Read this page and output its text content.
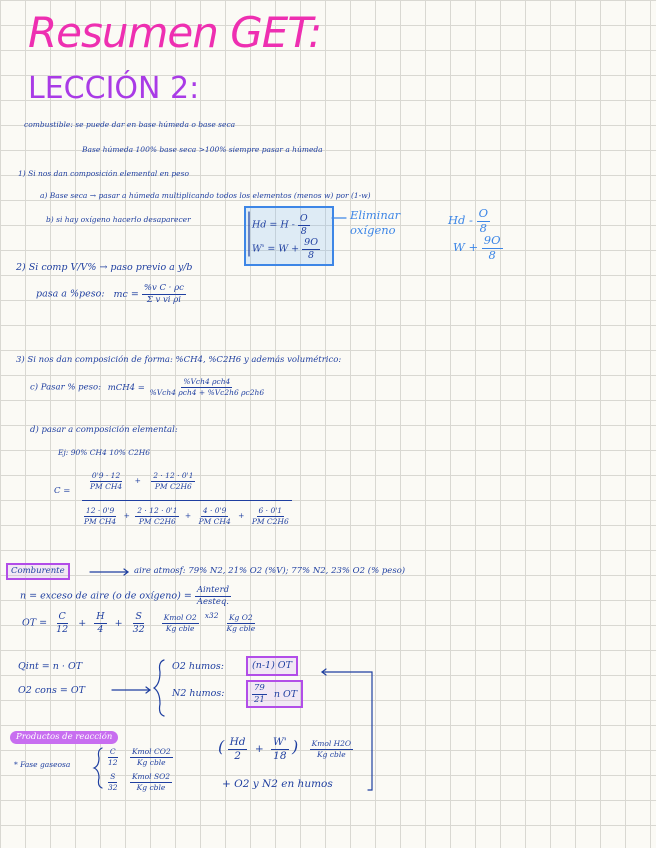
Resumen GET:
LECCIÓN 2:
combustible: se puede dar en base húmeda o base seca
Base húmeda 100% base seca >100% siempre pasar a húmeda
1) Si nos dan composición elemental en peso
a) Base seca → pasar a húmeda multiplicando todos los elementos (menos w) por (1-w)
b) si hay oxígeno hacerlo desaparecer	$Hd = H - \frac{O}{8}$
$W' = W + \frac{9O}{8}$
Eliminar
oxígeno
Hd - $\frac{O}{8}$
$W + \frac{9O}{8}$
2) Si comp V/V% → paso previo a y/b
pasa a %peso: mc = $\frac{\text{\%v C · ρc}}{\text{Σ v vi ρi}}$
3) Si nos dan composición de forma: %CH4, %C2H6 y además volumétrico:
c) Pasar % peso: $mCH4 = \frac{\text{\%Vch4 ρch4}}{\text{\%Vch4 ρch4 + \%Vc2h6 ρc2h6}}$
d) pasar a composición elemental:
Ej: 90% CH4 10% C2H6
C =
$\frac{0'9 \cdot 12}{\text{PM CH4}} + \frac{2 \cdot 12 \cdot 0'1}{\text{PM C2H6}}$
$\frac{12 \cdot 0'9}{\text{PM CH4}} + \frac{2 \cdot 12 \cdot 0'1}{\text{PM C2H6}} + \frac{4 \cdot 0'9}{\text{PM CH4}} + \frac{6 \cdot 0'1}{\text{PM C2H6}}$
Comburente	aire atmosf: 79% N2, 21% O2 (%V); 77% N2, 23% O2 (% peso)
n = exceso de aire (o de oxígeno) = $\frac{\text{Ainterd}}{\text{Aesteq.}}$
OT = $\frac{C}{12} + \frac{H}{4} + \frac{S}{32}$
$\frac{\text{Kmol O2}}{\text{Kg cble}} ^{x32} \frac{\text{Kg O2}}{\text{Kg cble}}$
Qint = n · OT
O2 cons = OT
O2 humos:	(n-1) OT
N2 humos:	$\frac{79}{21}$ n OT
Productos de reacción
* Fase gaseosa	$\frac{C}{12}$
$\frac{\text{Kmol CO2}}{\text{Kg cble}}$
$\frac{S}{32}$
$\frac{\text{Kmol SO2}}{\text{Kg cble}}$
( $\frac{Hd}{2} + \frac{W'}{18}$ ) $\frac{\text{Kmol H2O}}{\text{Kg cble}}$
+ O2 y N2 en humos
